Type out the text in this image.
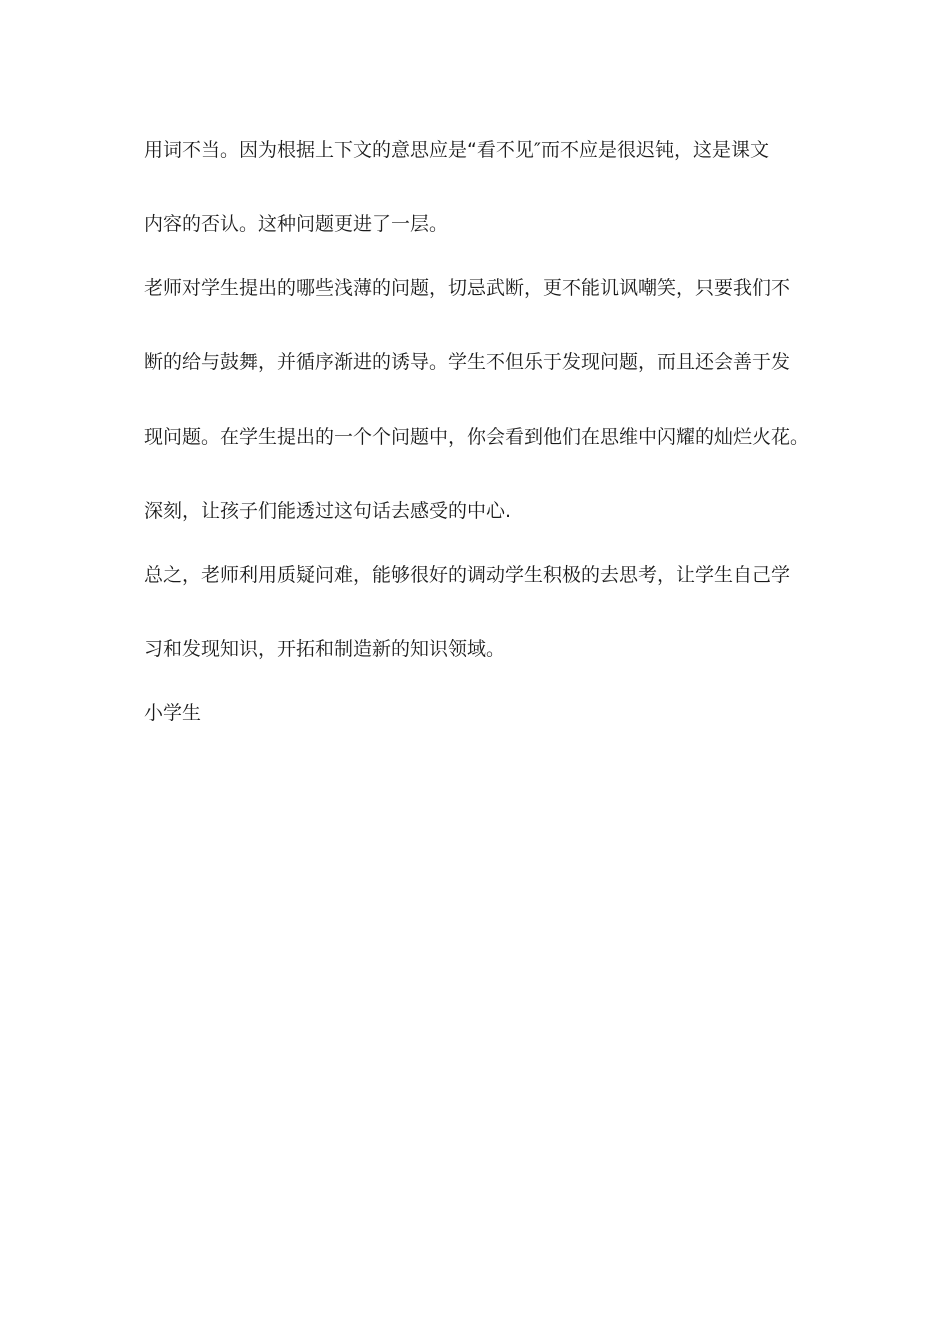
用词不当。因为根据上下文的意思应是“看不见″而不应是很迟钝，这是课文
内容的否认。这种问题更进了一层。
老师对学生提出的哪些浅薄的问题，切忌武断，更不能讥讽嘲笑，只要我们不
断的给与鼓舞，并循序渐进的诱导。学生不但乐于发现问题，而且还会善于发
现问题。在学生提出的一个个问题中，你会看到他们在思维中闪耀的灿烂火花。
深刻，让孩子们能透过这句话去感受的中心.
总之，老师利用质疑问难，能够很好的调动学生积极的去思考，让学生自己学
习和发现知识，开拓和制造新的知识领域。
小学生
